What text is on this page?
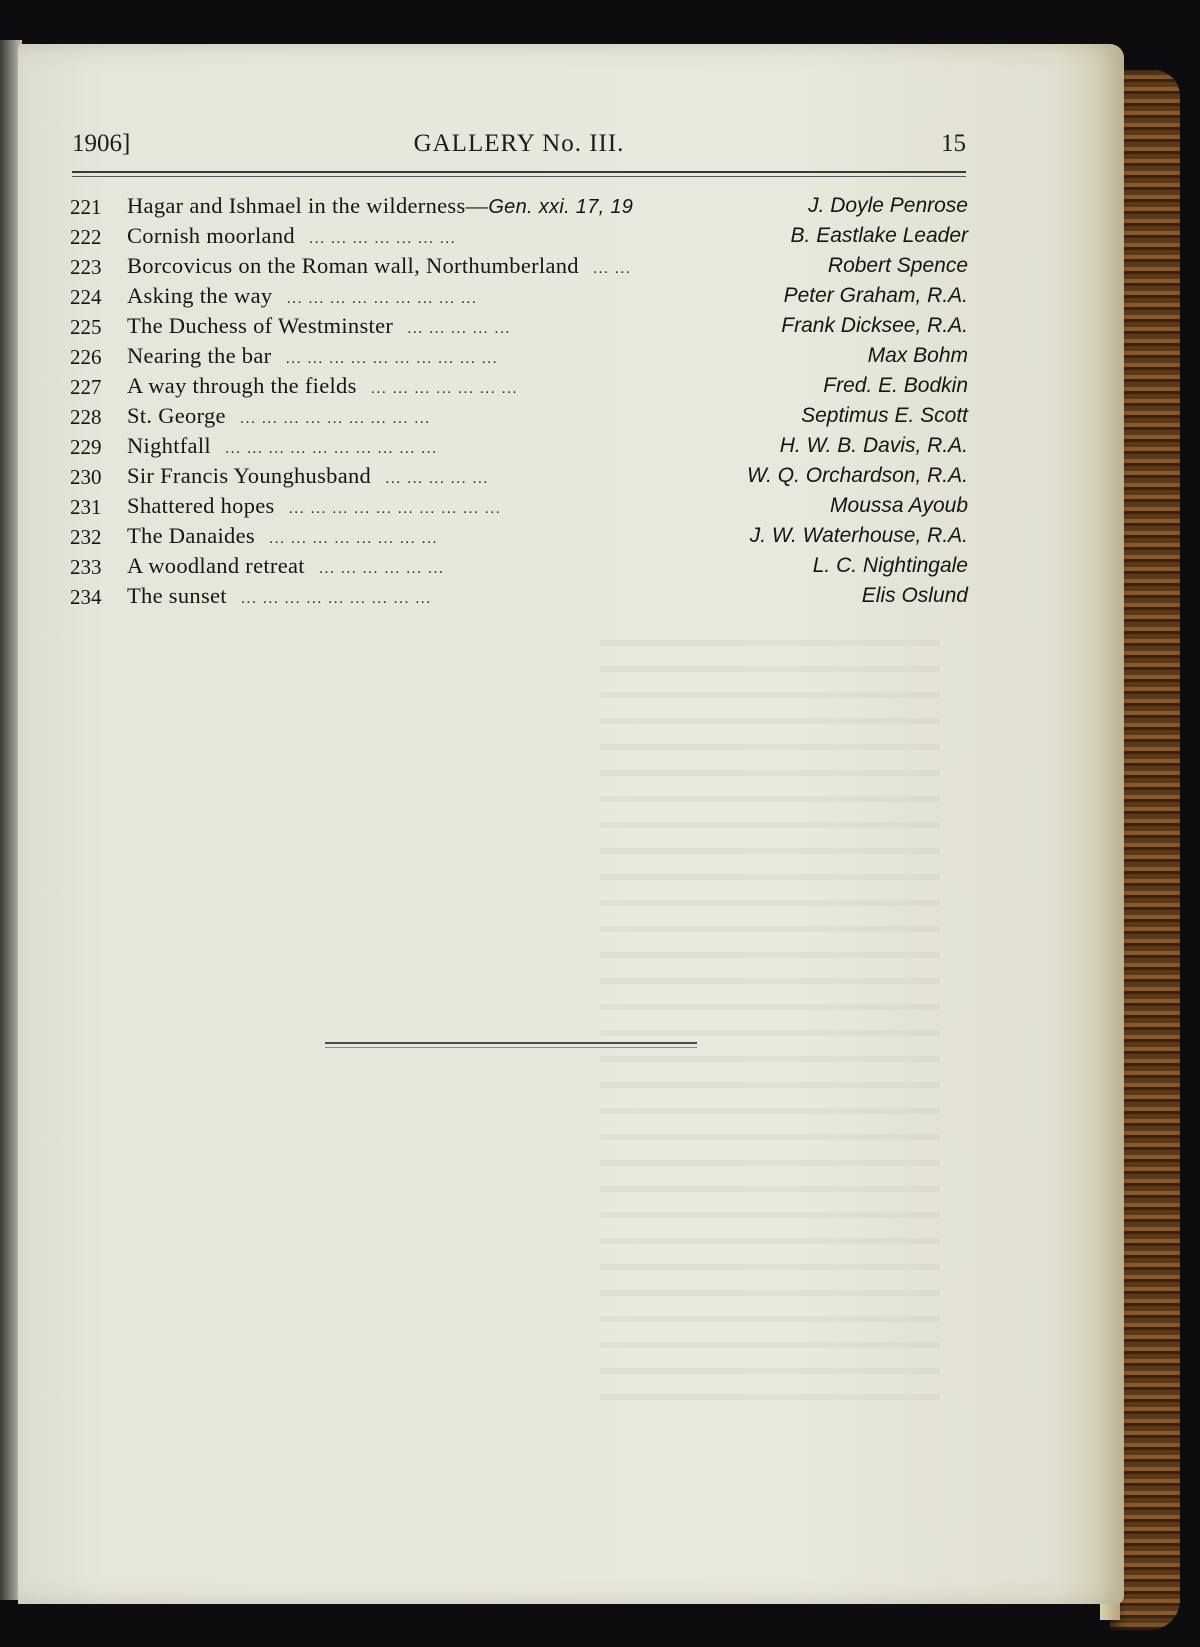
1906]	GALLERY No. III.	15
221	Hagar and Ishmael in the wilderness—Gen. xxi. 17, 19	J. Doyle Penrose
222	Cornish moorland ... ... ... ... ... ... ...	B. Eastlake Leader
223	Borcovicus on the Roman wall, Northumberland ... ...	Robert Spence
224	Asking the way ... ... ... ... ... ... ... ... ...	Peter Graham, R.A.
225	The Duchess of Westminster ... ... ... ... ...	Frank Dicksee, R.A.
226	Nearing the bar ... ... ... ... ... ... ... ... ... ...	Max Bohm
227	A way through the fields ... ... ... ... ... ... ...	Fred. E. Bodkin
228	St. George ... ... ... ... ... ... ... ... ...	Septimus E. Scott
229	Nightfall ... ... ... ... ... ... ... ... ... ...	H. W. B. Davis, R.A.
230	Sir Francis Younghusband ... ... ... ... ...	W. Q. Orchardson, R.A.
231	Shattered hopes ... ... ... ... ... ... ... ... ... ...	Moussa Ayoub
232	The Danaides ... ... ... ... ... ... ... ...	J. W. Waterhouse, R.A.
233	A woodland retreat ... ... ... ... ... ...	L. C. Nightingale
234	The sunset ... ... ... ... ... ... ... ... ...	Elis Oslund
